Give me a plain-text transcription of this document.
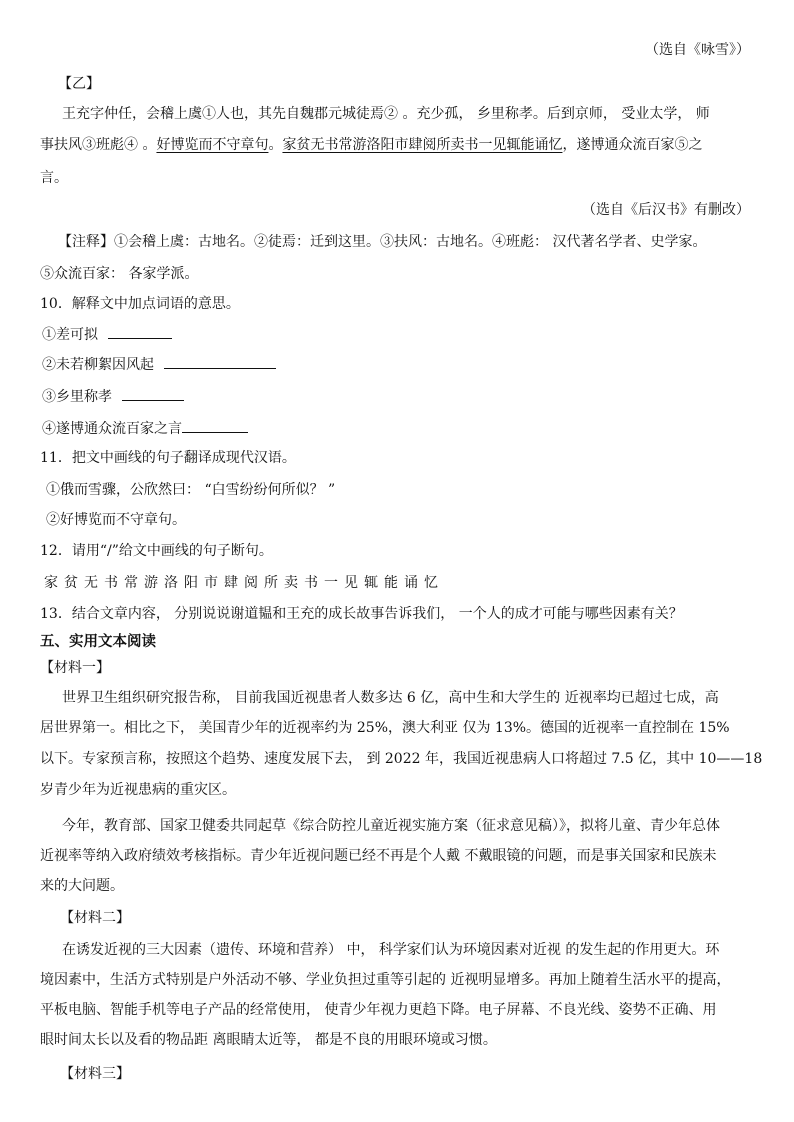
（选自《咏雪》）
【乙】
王充字仲任，会稽上虞①人也，其先自魏郡元城徒焉② 。充少孤， 乡里称孝。后到京师， 受业太学， 师
事扶风③班彪④ 。好博览而不守章句。家贫无书常游洛阳市肆阅所卖书一见辄能诵忆，遂博通众流百家⑤之
言。
（选自《后汉书》有删改）
【注释】①会稽上虞：古地名。②徒焉：迁到这里。③扶风：古地名。④班彪： 汉代著名学者、史学家。
⑤众流百家： 各家学派。
10．解释文中加点词语的意思。
①差可拟
②未若柳絮因风起
③乡里称孝
④遂博通众流百家之言
11．把文中画线的句子翻译成现代汉语。
①俄而雪骤，公欣然曰： “白雪纷纷何所似？ ”
②好博览而不守章句。
12．请用“/”给文中画线的句子断句。
家贫无书常游洛阳市肆阅所卖书一见辄能诵忆
13．结合文章内容， 分别说说谢道韫和王充的成长故事告诉我们， 一个人的成才可能与哪些因素有关？
五、实用文本阅读
【材料一】
世界卫生组织研究报告称， 目前我国近视患者人数多达 6 亿，高中生和大学生的 近视率均已超过七成，高
居世界第一。相比之下， 美国青少年的近视率约为 25%，澳大利亚 仅为 13%。德国的近视率一直控制在 15%
以下。专家预言称，按照这个趋势、速度发展下去， 到 2022 年，我国近视患病人口将超过 7.5 亿，其中 10——18
岁青少年为近视患病的重灾区。
今年，教育部、国家卫健委共同起草《综合防控儿童近视实施方案（征求意见稿）》，拟将儿童、青少年总体
近视率等纳入政府绩效考核指标。青少年近视问题已经不再是个人戴 不戴眼镜的问题，而是事关国家和民族未
来的大问题。
【材料二】
在诱发近视的三大因素（遗传、环境和营养） 中， 科学家们认为环境因素对近视 的发生起的作用更大。环
境因素中，生活方式特别是户外活动不够、学业负担过重等引起的 近视明显增多。再加上随着生活水平的提高，
平板电脑、智能手机等电子产品的经常使用， 使青少年视力更趋下降。电子屏幕、不良光线、姿势不正确、用
眼时间太长以及看的物品距 离眼睛太近等， 都是不良的用眼环境或习惯。
【材料三】
